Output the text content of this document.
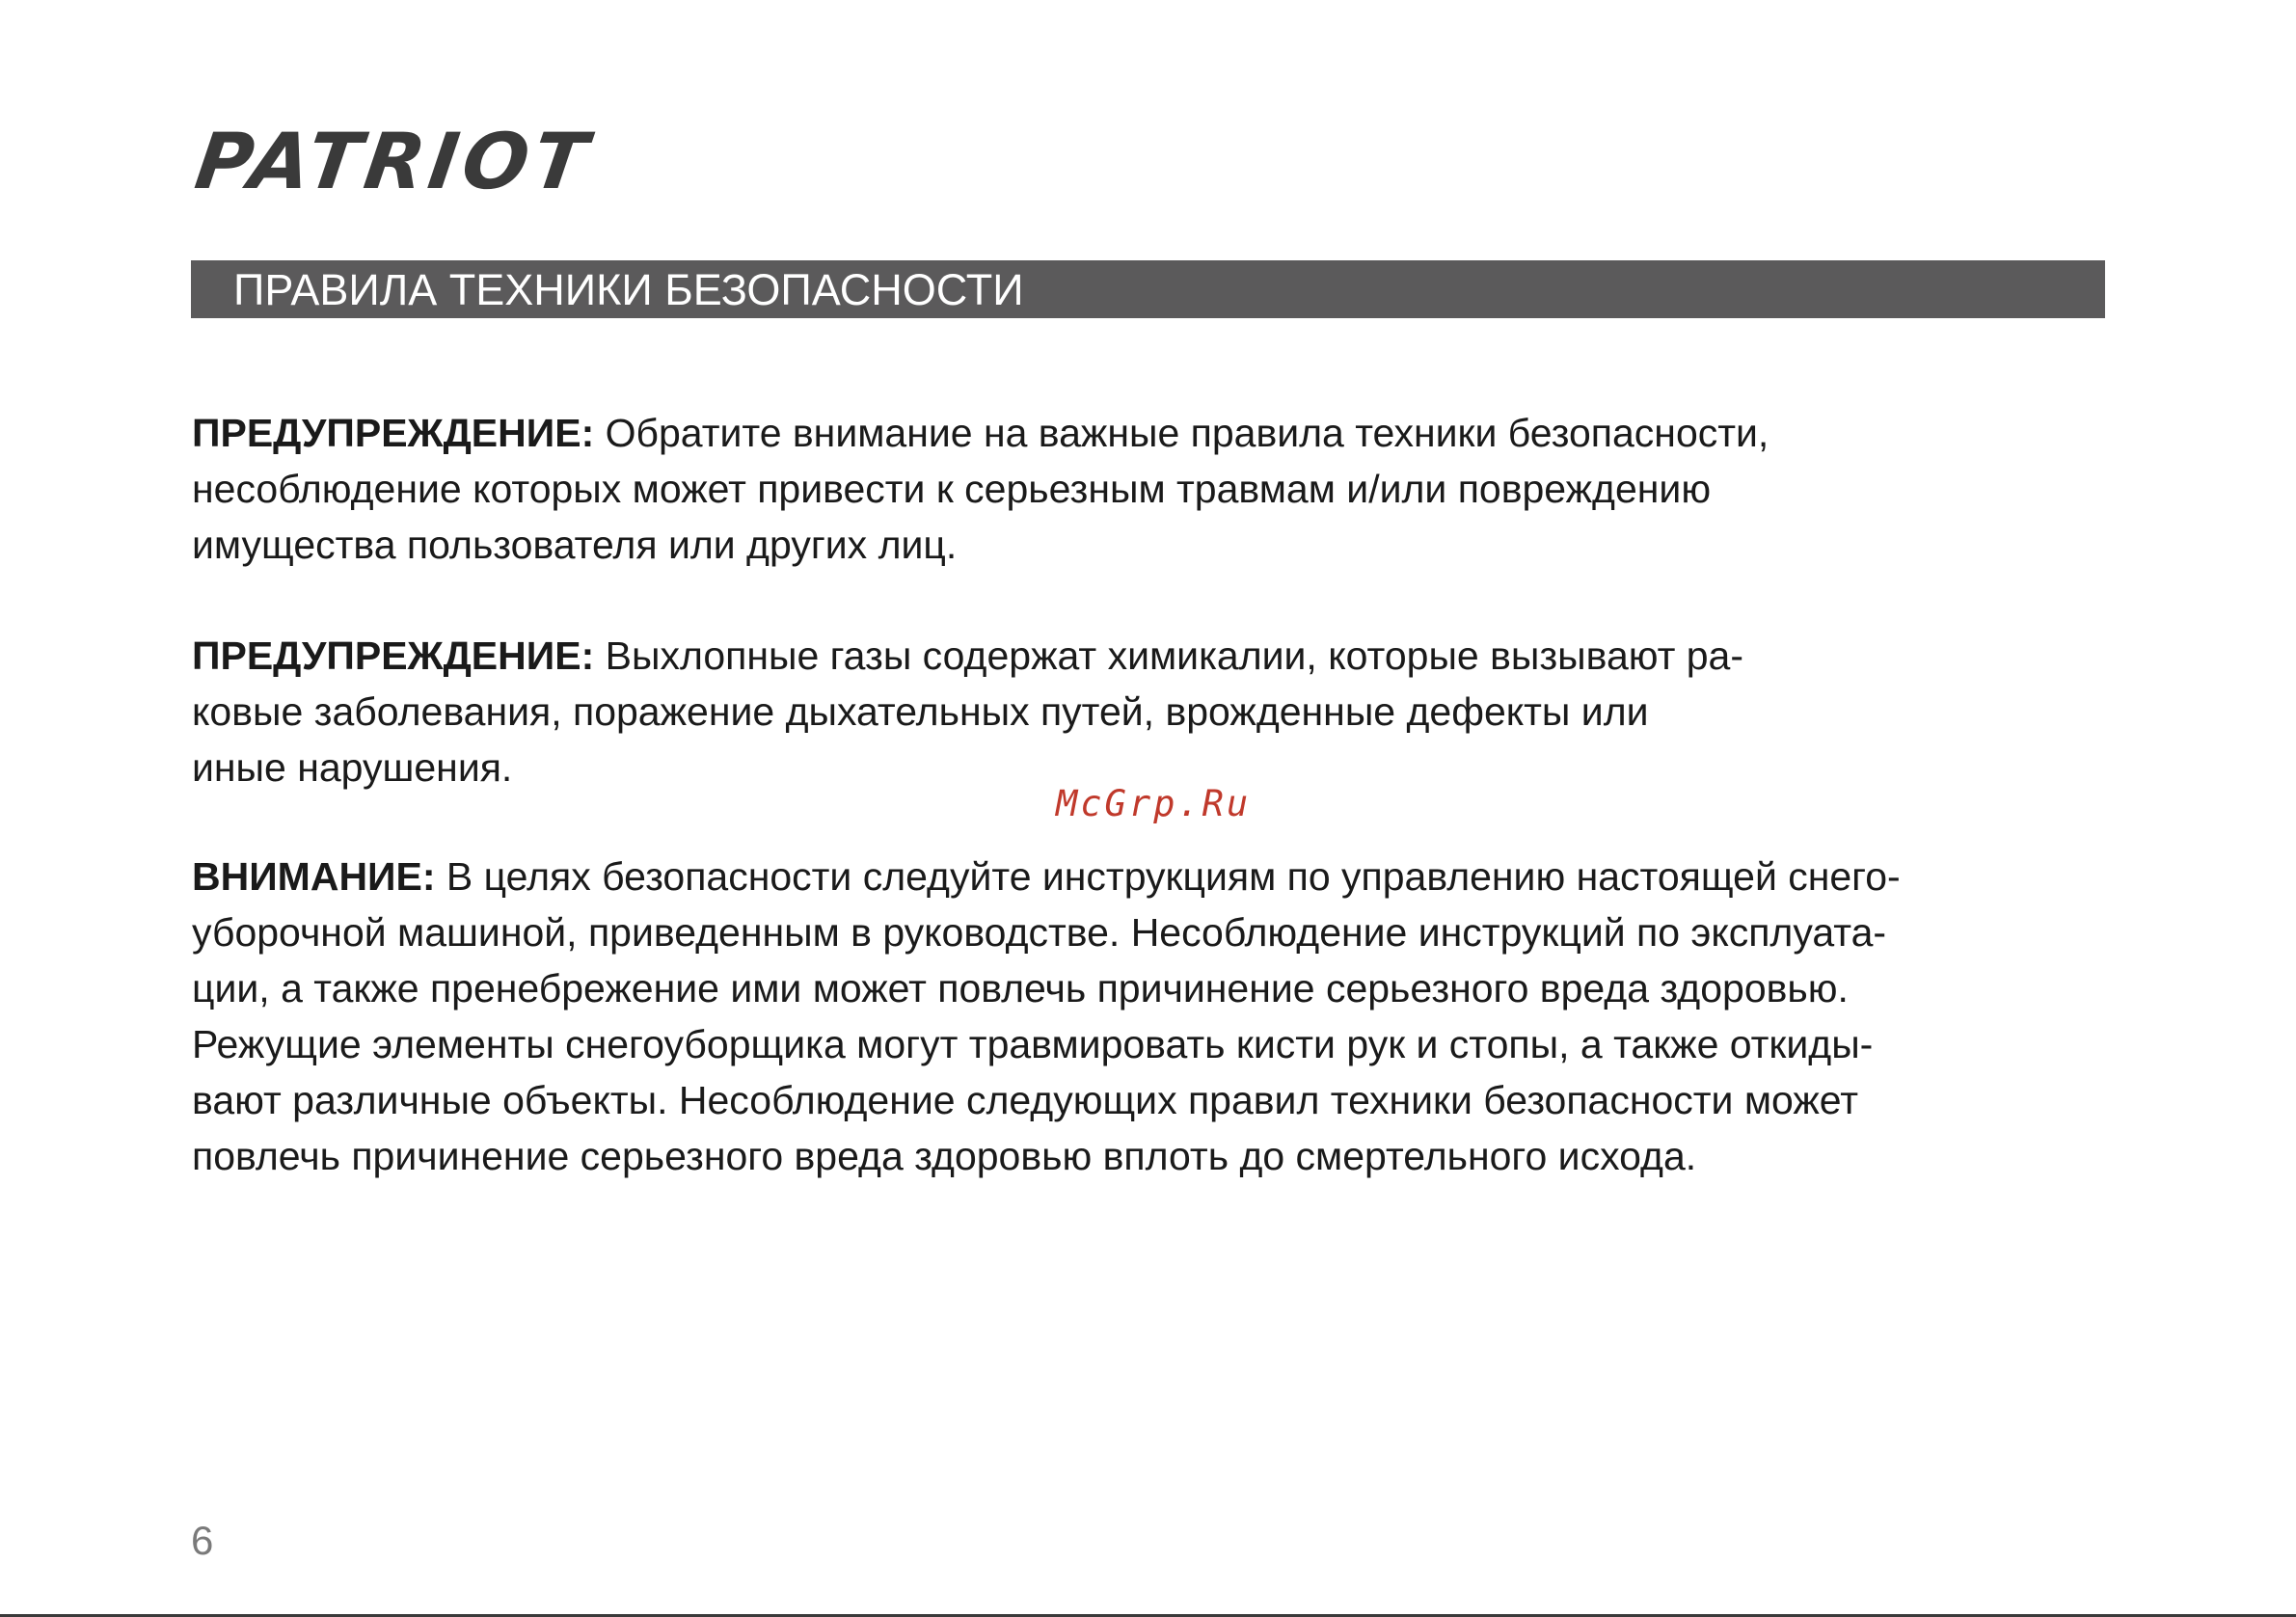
PATRIOT
ПРАВИЛА ТЕХНИКИ БЕЗОПАСНОСТИ
ПРЕДУПРЕЖДЕНИЕ: Обратите внимание на важные правила техники безопасности,
несоблюдение которых может привести к серьезным травмам и/или повреждению
имущества пользователя или других лиц.
ПРЕДУПРЕЖДЕНИЕ: Выхлопные газы содержат химикалии, которые вызывают ра-
ковые заболевания, поражение дыхательных путей, врожденные дефекты или
иные нарушения.
McGrp.Ru
ВНИМАНИЕ: В целях безопасности следуйте инструкциям по управлению настоящей снего-
уборочной машиной, приведенным в руководстве. Несоблюдение инструкций по эксплуата-
ции, а также пренебрежение ими может повлечь причинение серьезного вреда здоровью.
Режущие элементы снегоуборщика могут травмировать кисти рук и стопы, а также откиды-
вают различные объекты. Несоблюдение следующих правил техники безопасности может
повлечь причинение серьезного вреда здоровью вплоть до смертельного исхода.
6
